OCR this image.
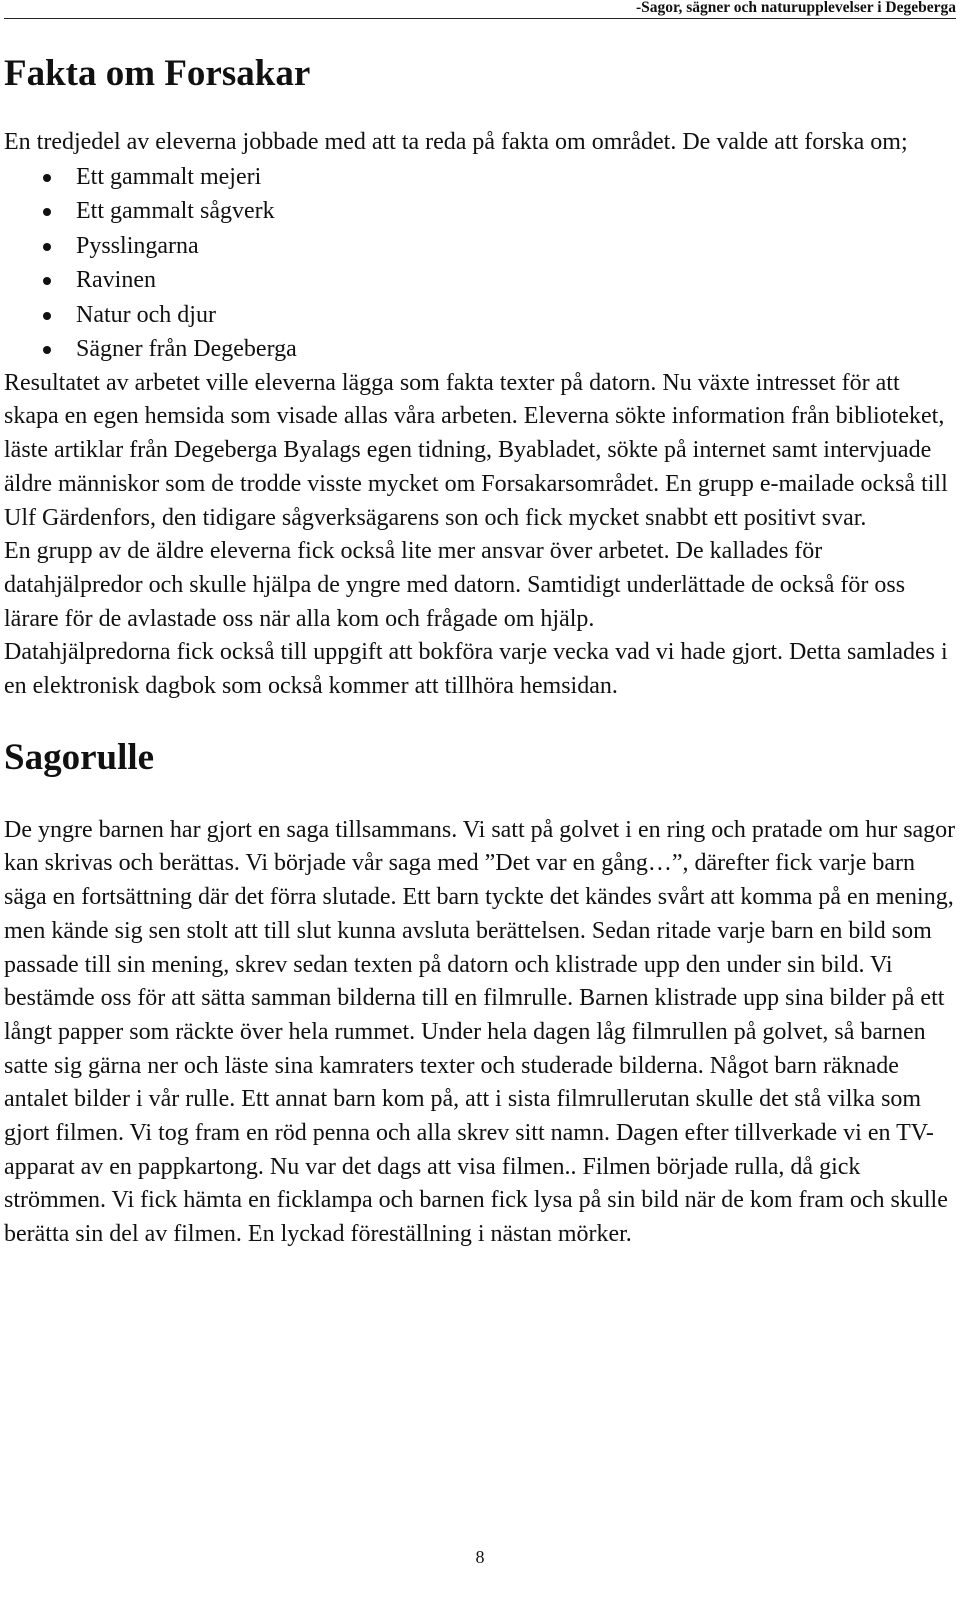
-Sagor, sägner och naturupplevelser i Degeberga
Fakta om Forsakar

En tredjedel av eleverna jobbade med att ta reda på fakta om området. De valde att forska om;

Ett gammalt mejeri
Ett gammalt sågverk
Pysslingarna
Ravinen
Natur och djur
Sägner från Degeberga

Resultatet av arbetet ville eleverna lägga som fakta texter på datorn. Nu växte intresset för att skapa en egen hemsida som visade allas våra arbeten. Eleverna sökte information från biblioteket, läste artiklar från Degeberga Byalags egen tidning, Byabladet, sökte på internet samt intervjuade äldre människor som de trodde visste mycket om Forsakarsområdet. En grupp e-mailade också till Ulf Gärdenfors, den tidigare sågverksägarens son och fick mycket snabbt ett positivt svar.

En grupp av de äldre eleverna fick också lite mer ansvar över arbetet. De kallades för datahjälpredor och skulle hjälpa de yngre med datorn. Samtidigt underlättade de också för oss lärare för de avlastade oss när alla kom och frågade om hjälp.

Datahjälpredorna fick också till uppgift att bokföra varje vecka vad vi hade gjort. Detta samlades i en elektronisk dagbok som också kommer att tillhöra hemsidan.

Sagorulle

De yngre barnen har gjort en saga tillsammans. Vi satt på golvet i en ring och pratade om hur sagor kan skrivas och berättas. Vi började vår saga med ”Det var en gång…”, därefter fick varje barn säga en fortsättning där det förra slutade. Ett barn tyckte det kändes svårt att komma på en mening, men kände sig sen stolt att till slut kunna avsluta berättelsen. Sedan ritade varje barn en bild som passade till sin mening, skrev sedan texten på datorn och klistrade upp den under sin bild. Vi bestämde oss för att sätta samman bilderna till en filmrulle. Barnen klistrade upp sina bilder på ett långt papper som räckte över hela rummet. Under hela dagen låg filmrullen på golvet, så barnen satte sig gärna ner och läste sina kamraters texter och studerade bilderna. Något barn räknade antalet bilder i vår rulle. Ett annat barn kom på, att i sista filmrullerutan skulle det stå vilka som gjort filmen. Vi tog fram en röd penna och alla skrev sitt namn. Dagen efter tillverkade vi en TV-apparat av en pappkartong. Nu var det dags att visa filmen.. Filmen började rulla, då gick strömmen. Vi fick hämta en ficklampa och barnen fick lysa på sin bild när de kom fram och skulle berätta sin del av filmen. En lyckad föreställning i nästan mörker.

8
